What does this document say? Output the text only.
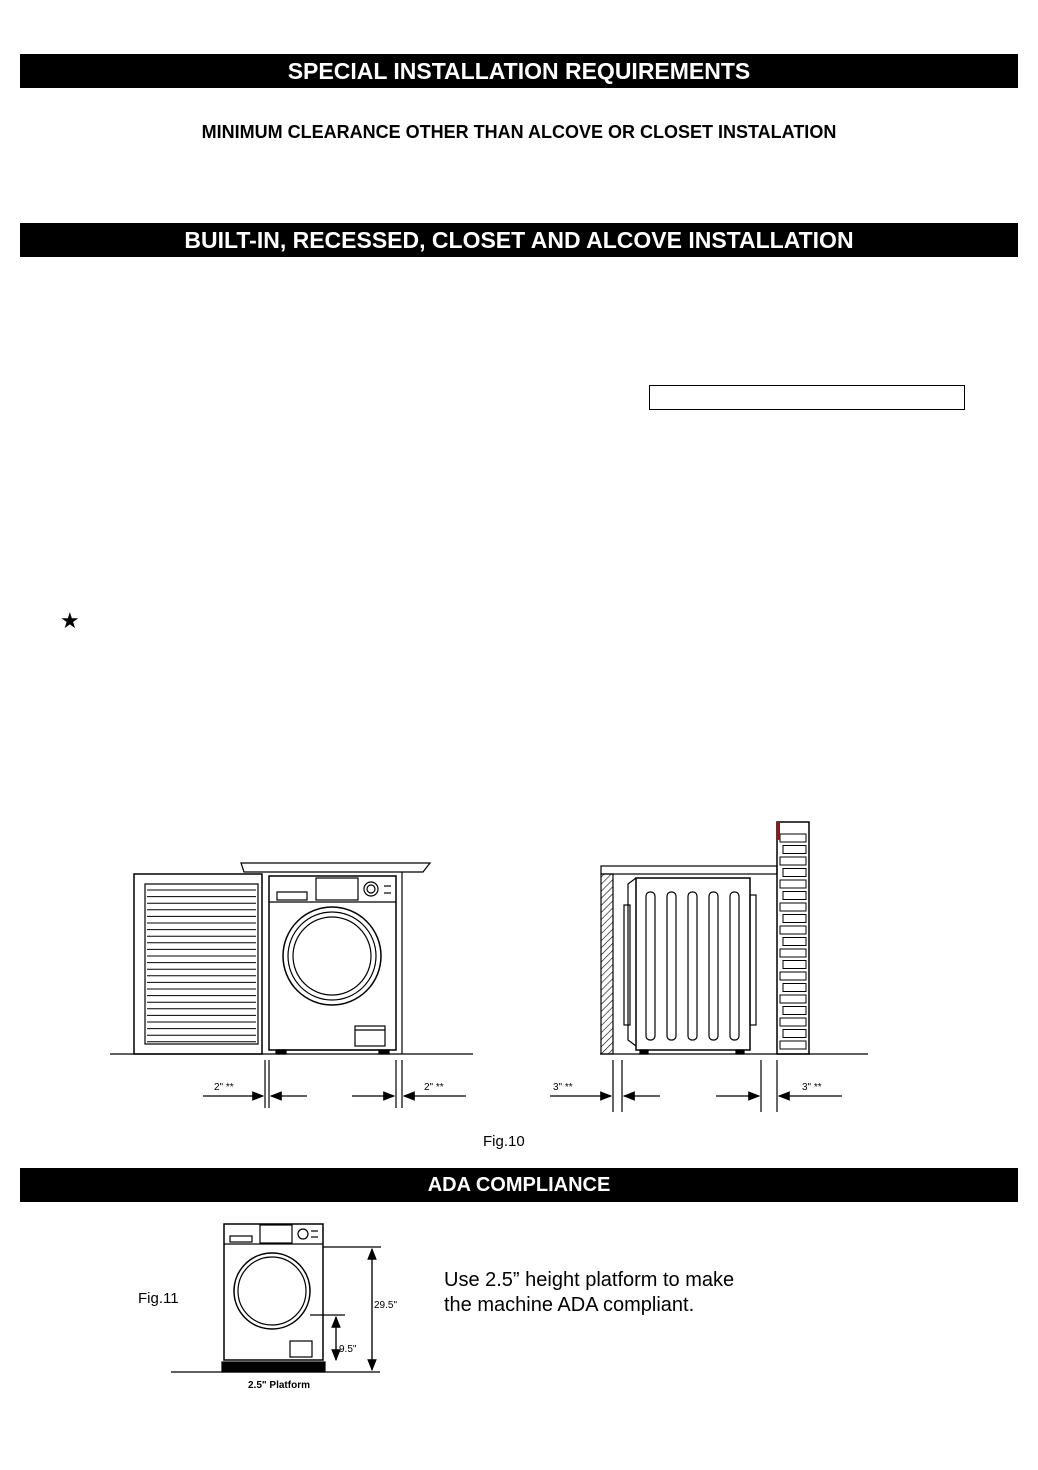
SPECIAL INSTALLATION REQUIREMENTS
MINIMUM CLEARANCE OTHER THAN ALCOVE OR CLOSET INSTALATION
BUILT-IN, RECESSED, CLOSET AND ALCOVE INSTALLATION
★
2" **	2" **	3" **	3" **
29.5"
9.5"
2.5" Platform
Fig.10
ADA COMPLIANCE
Fig.11
Use 2.5” height platform to make
the machine ADA compliant.
